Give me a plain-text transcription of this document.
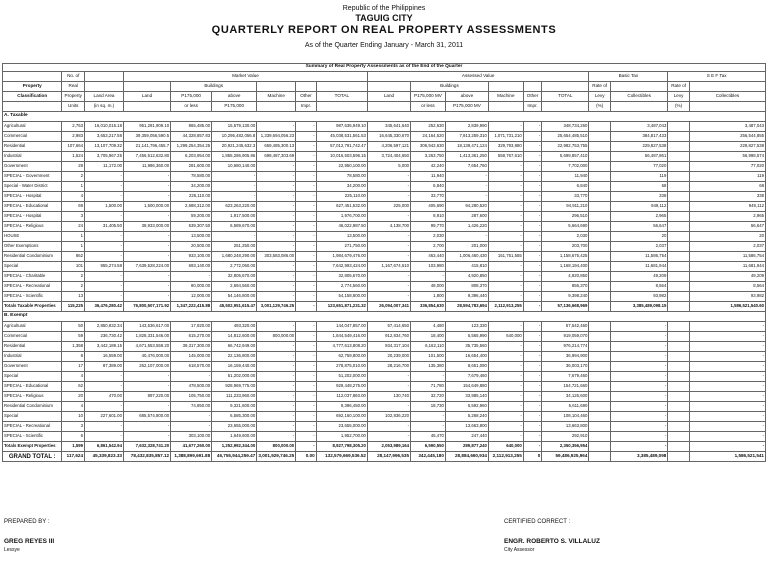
Republic of the Philippines
TAGUIG CITY
QUARTERLY REPORT ON REAL PROPERTY ASSESSMENTS
As of the Quarter Ending January - March 31, 2011
Summary of Real Property Assessments as of the End of the Quarter																		
	No. of		Market Value						Assessed Value						Basic Tax		S E F Tax	
Property	Real			Buildings						Buildings					Rate of		Rate of	
Classification	Property	Land Area	Land	P175,000	above	Machine	Other	TOTAL	Land	P175,000 MV	above	Machine	Other	TOTAL	Levy	Collectibles	Levy	Collectibles
	Units	(in sq. m.)		or less	P175,000		Impr.			or less	P175,000 MV		Impr.		(%)		(%)	
A. Taxable																		
Agricultural	2,753	16,010,015.18	951,281,909.10	865,485.00	15,579,130.00	-	-	987,635,949.10	345,641,640	252,630	2,839,990	-	-	348,734,260		3,487,043		3,487,043
Commercial	2,983	3,653,217.58	39,359,056,590.5	44,328,857.83	10,295,482,056.8	1,339,694,056.23	-	45,038,531,561.53	16,645,330,670	24,164,520	7,913,259,310	1,071,731,210	-	25,654,485,510		384,817,433		256,544,855
Residential	107,664	13,107,709.32	21,141,796,455.7	1,299,254,354.25	20,921,245,632.3	659,485,300.13	-	57,012,791,742.47	4,206,597,121	306,942,630	18,139,471,124	329,793,880	-	22,982,753,755		229,827,538		229,827,538
Industrial	1,524	3,705,967.25	7,456,512,632.80	6,203,954.00	1,855,286,905.86	698,487,303.69	-	10,016,503,596.15	3,724,404,650	3,263,750	1,413,361,250	558,767,610	-	5,699,857,410		56,487,861		56,998,574
Government	28	11,172.00	11,986,360.00	281,600.00	10,680,140.00	-	-	22,950,100.00	5,000	42,240	7,654,760	-	-	7,702,000		77,020		77,020
SPECIAL - Government	2	-	-	78,580.00	-	-	-	78,580.00	-	11,940	-	-	-	11,940		119		119
Special - Water District	1	-	-	34,200.00	-	-	-	34,200.00	-	6,840	-	-	-	6,840		68		68
SPECIAL - Hospital	4	-	-	225,110.00	-	-	-	225,110.00	-	33,770	-	-	-	33,770		338		338
SPECIAL - Educational	69	1,500.00	1,500,000.00	2,688,312.00	623,263,220.00	-	-	627,451,532.00	225,000	405,690	94,280,520	-	-	94,911,210		949,112		949,112
SPECIAL - Hospital	3	-	-	59,200.00	1,917,500.00	-	-	1,976,700.00	-	8,910	287,600	-	-	296,510		2,965		2,965
SPECIAL - Religious	24	31,405.50	38,933,000.00	539,307.50	6,589,670.00	-	-	46,022,987.50	4,138,700	99,770	1,426,220	-	-	5,664,690		56,647		56,647
HOUSE	1	-	-	13,500.00	-	-	-	13,500.00	-	2,030	-	-	-	2,030		20		20
Other Exemptions	1	-	-	20,500.00	251,250.00	-	-	271,750.00	-	2,700	201,000	-	-	203,700		2,037		2,037
Residential Condominium	862	-	-	933,100.00	1,680,248,290.00	303,583,086.00	-	1,984,679,476.00	-	463,440	1,006,460,430	151,751,555	-	1,158,675,425		11,586,754		11,586,754
Special	101	955,274.58	7,639,528,224.00	693,140.00	2,772,060.00	-	-	7,642,993,424.00	1,167,674,610	103,980	415,810	-	-	1,168,194,400		11,681,944		11,681,944
SPECIAL - Charitable	2	-	-	-	32,805,670.00	-	-	32,805,670.00	-	-	4,920,850	-	-	4,920,850		49,209		49,209
SPECIAL - Recreational	2	-	-	80,000.00	2,694,560.00	-	-	2,774,560.00	-	48,000	808,370	-	-	856,370		8,564		8,564
SPECIAL - Scientific	13	-	-	12,000.00	54,146,800.00	-	-	54,158,800.00	-	1,800	9,396,440	-	-	9,398,240		93,982		93,982
Totals Taxable Properties	115,225	36,476,280.42	76,800,507,171.92	1,347,222,415.88	45,502,951,615.47	3,001,129,746.25	-	123,651,871,231.32	26,094,007,341	336,854,630	28,594,783,694	2,112,913,255	-	57,136,668,969		3,385,489,098.15		1,586,521,540.60
B. Exempt																		
Agricultural	50	2,850,832.34	143,536,617.00	17,920.00	493,320.00	-	-	144,047,857.00	57,414,650	4,480	123,330	-	-	57,542,460		-		-
Commercial	59	236,730.42	1,828,331,546.00	615,270.00	14,812,600.00	800,000.00	-	1,844,549,416.00	912,834,760	18,400	5,565,990	640,000	-	919,059,070		-		-
Residential	1,358	3,442,189.15	4,671,553,559.20	39,317,300.00	66,742,949.00	-	-	4,777,613,808.20	934,317,104	6,162,110	35,735,560	-	-	976,214,774		-		-
Industrial	8	16,559.00	40,476,000.00	145,000.00	22,136,800.00	-	-	62,759,800.00	20,239,000	101,500	16,654,400	-	-	36,994,900		-		-
Government	17	87,389.00	262,107,000.00	618,570.00	16,159,440.00	-	-	278,875,010.00	28,216,700	135,380	8,651,090	-	-	36,003,170		-		-
Special	4	-	-	-	51,202,000.00	-	-	51,202,000.00	-	-	7,679,460	-	-	7,679,460		-		-
SPECIAL - Educational	62	-	-	478,500.00	928,969,775.00	-	-	929,448,275.00	-	71,780	154,649,880	-	-	154,721,660		-		-
SPECIAL - Religious	20	470.00	897,220.00	105,750.00	111,233,960.00	-	-	112,037,860.00	130,740	32,720	33,985,140	-	-	34,126,600		-		-
Residential Condominium	4	-	-	74,850.00	9,321,600.00	-	-	9,396,450.00	-	18,730	5,592,960	-	-	5,611,690		-		-
Special	10	227,601.00	685,574,800.00	-	6,585,300.00	-	-	692,160,100.00	102,836,220	-	5,268,240	-	-	108,104,460		-		-
SPECIAL - Recreational	3	-	-	-	23,655,000.00	-	-	23,655,000.00	-	-	13,663,800	-	-	13,663,800		-		-
SPECIAL - Scientific	6	-	-	303,100.00	1,649,600.00	-	-	1,952,700.00	-	45,470	247,440	-	-	292,910		-		-
Totals Exempt Properties	1,599	6,861,542.94	7,632,328,741.20	41,677,260.00	1,252,992,344.00	800,000.00	-	8,927,798,305.20	2,053,989,164	6,590,550	289,877,240	640,000	-	2,350,356,954		-		-
GRAND TOTAL :	117,624	45,339,823.33	78,432,835,857.12	1,388,899,691.88	46,755,944,259.47	3,001,929,746.25	0.00	132,579,669,536.52	28,147,996,535	342,445,180	28,884,660,934	2,112,913,255	0	59,486,925,964		3,385,489,098		1,586,521,541
PREPARED BY :	CERTIFIED CORRECT :
GREG REYES III
Lessye
ENGR. ROBERTO S. VILLALUZ
City Assessor
